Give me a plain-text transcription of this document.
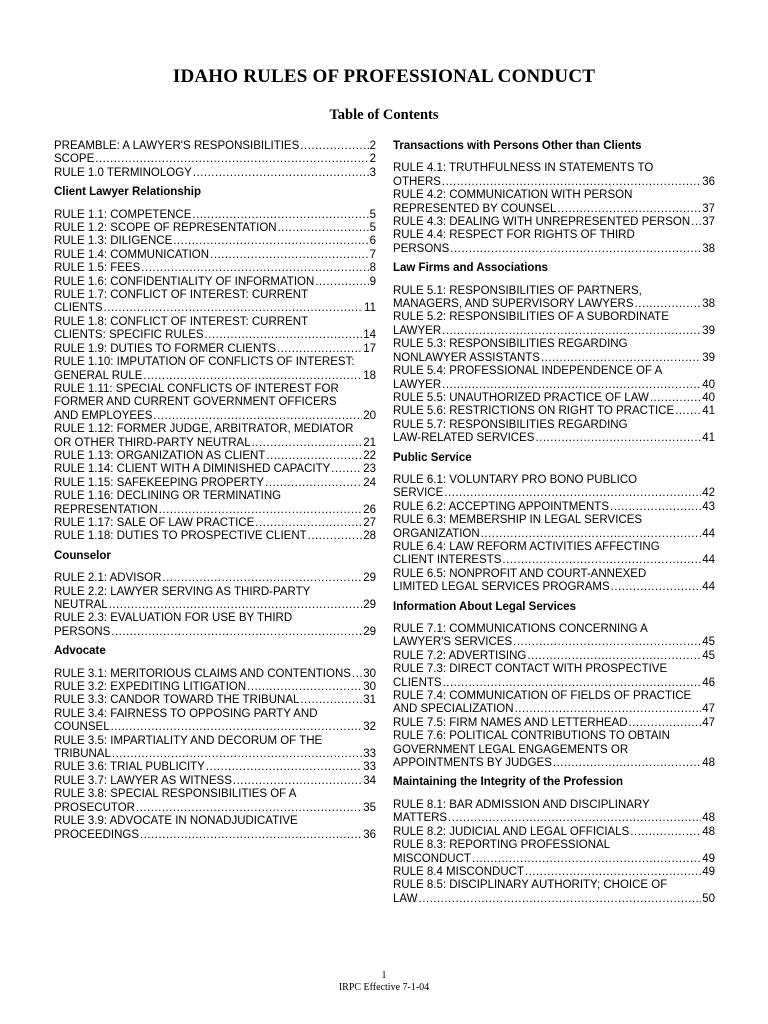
IDAHO RULES OF PROFESSIONAL CONDUCT
Table of Contents
PREAMBLE: A LAWYER'S RESPONSIBILITIES .....	2
SCOPE .....	2
RULE 1.0 TERMINOLOGY .....	3
Client Lawyer Relationship
RULE 1.1: COMPETENCE .....	5
RULE 1.2: SCOPE OF REPRESENTATION .....	5
RULE 1.3: DILIGENCE .....	6
RULE 1.4: COMMUNICATION .....	7
RULE 1.5: FEES .....	8
RULE 1.6: CONFIDENTIALITY OF INFORMATION .....	9
RULE 1.7: CONFLICT OF INTEREST: CURRENT
CLIENTS .....	11
RULE 1.8: CONFLICT OF INTEREST: CURRENT
CLIENTS: SPECIFIC RULES .....	14
RULE 1.9: DUTIES TO FORMER CLIENTS .....	17
RULE 1.10: IMPUTATION OF CONFLICTS OF INTEREST:
GENERAL RULE .....	18
RULE 1.11: SPECIAL CONFLICTS OF INTEREST FOR
FORMER AND CURRENT GOVERNMENT OFFICERS
AND EMPLOYEES .....	20
RULE 1.12: FORMER JUDGE, ARBITRATOR, MEDIATOR
OR OTHER THIRD-PARTY NEUTRAL .....	21
RULE 1.13: ORGANIZATION AS CLIENT .....	22
RULE 1.14: CLIENT WITH A DIMINISHED CAPACITY .....	23
RULE 1.15: SAFEKEEPING PROPERTY .....	24
RULE 1.16: DECLINING OR TERMINATING
REPRESENTATION .....	26
RULE 1.17: SALE OF LAW PRACTICE .....	27
RULE 1.18: DUTIES TO PROSPECTIVE CLIENT .....	28
Counselor
RULE 2.1: ADVISOR .....	29
RULE 2.2: LAWYER SERVING AS THIRD-PARTY
NEUTRAL .....	29
RULE 2.3: EVALUATION FOR USE BY THIRD
PERSONS .....	29
Advocate
RULE 3.1: MERITORIOUS CLAIMS AND CONTENTIONS ..... 30
RULE 3.2: EXPEDITING LITIGATION .....	30
RULE 3.3: CANDOR TOWARD THE TRIBUNAL .....	31
RULE 3.4: FAIRNESS TO OPPOSING PARTY AND
COUNSEL .....	32
RULE 3.5: IMPARTIALITY AND DECORUM OF THE
TRIBUNAL .....	33
RULE 3.6: TRIAL PUBLICITY .....	33
RULE 3.7: LAWYER AS WITNESS .....	34
RULE 3.8: SPECIAL RESPONSIBILITIES OF A
PROSECUTOR .....	35
RULE 3.9: ADVOCATE IN NONADJUDICATIVE
PROCEEDINGS .....	36
Transactions with Persons Other than Clients
RULE 4.1: TRUTHFULNESS IN STATEMENTS TO
OTHERS .....	36
RULE 4.2: COMMUNICATION WITH PERSON
REPRESENTED BY COUNSEL .....	37
RULE 4.3: DEALING WITH UNREPRESENTED PERSON ..... 37
RULE 4.4: RESPECT FOR RIGHTS OF THIRD
PERSONS .....	38
Law Firms and Associations
RULE 5.1: RESPONSIBILITIES OF PARTNERS,
MANAGERS, AND SUPERVISORY LAWYERS .....	38
RULE 5.2: RESPONSIBILITIES OF A SUBORDINATE
LAWYER .....	39
RULE 5.3: RESPONSIBILITIES REGARDING
NONLAWYER ASSISTANTS .....	39
RULE 5.4: PROFESSIONAL INDEPENDENCE OF A
LAWYER .....	40
RULE 5.5: UNAUTHORIZED PRACTICE OF LAW .....	40
RULE 5.6: RESTRICTIONS ON RIGHT TO PRACTICE ..... 41
RULE 5.7: RESPONSIBILITIES REGARDING
LAW-RELATED SERVICES .....	41
Public Service
RULE 6.1: VOLUNTARY PRO BONO PUBLICO
SERVICE .....	42
RULE 6.2: ACCEPTING APPOINTMENTS .....	43
RULE 6.3: MEMBERSHIP IN LEGAL SERVICES
ORGANIZATION .....	44
RULE 6.4: LAW REFORM ACTIVITIES AFFECTING
CLIENT INTERESTS .....	44
RULE 6.5: NONPROFIT AND COURT-ANNEXED
LIMITED LEGAL SERVICES PROGRAMS .....	44
Information About Legal Services
RULE 7.1: COMMUNICATIONS CONCERNING A
LAWYER'S SERVICES .....	45
RULE 7.2: ADVERTISING .....	45
RULE 7.3: DIRECT CONTACT WITH PROSPECTIVE
CLIENTS .....	46
RULE 7.4: COMMUNICATION OF FIELDS OF PRACTICE
AND SPECIALIZATION .....	47
RULE 7.5: FIRM NAMES AND LETTERHEAD .....	47
RULE 7.6: POLITICAL CONTRIBUTIONS TO OBTAIN
GOVERNMENT LEGAL ENGAGEMENTS OR
APPOINTMENTS BY JUDGES .....	48
Maintaining the Integrity of the Profession
RULE 8.1: BAR ADMISSION AND DISCIPLINARY
MATTERS .....	48
RULE 8.2: JUDICIAL AND LEGAL OFFICIALS .....	48
RULE 8.3: REPORTING PROFESSIONAL
MISCONDUCT .....	49
RULE 8.4 MISCONDUCT .....	49
RULE 8.5: DISCIPLINARY AUTHORITY; CHOICE OF
LAW .....	50
1
IRPC Effective 7-1-04
